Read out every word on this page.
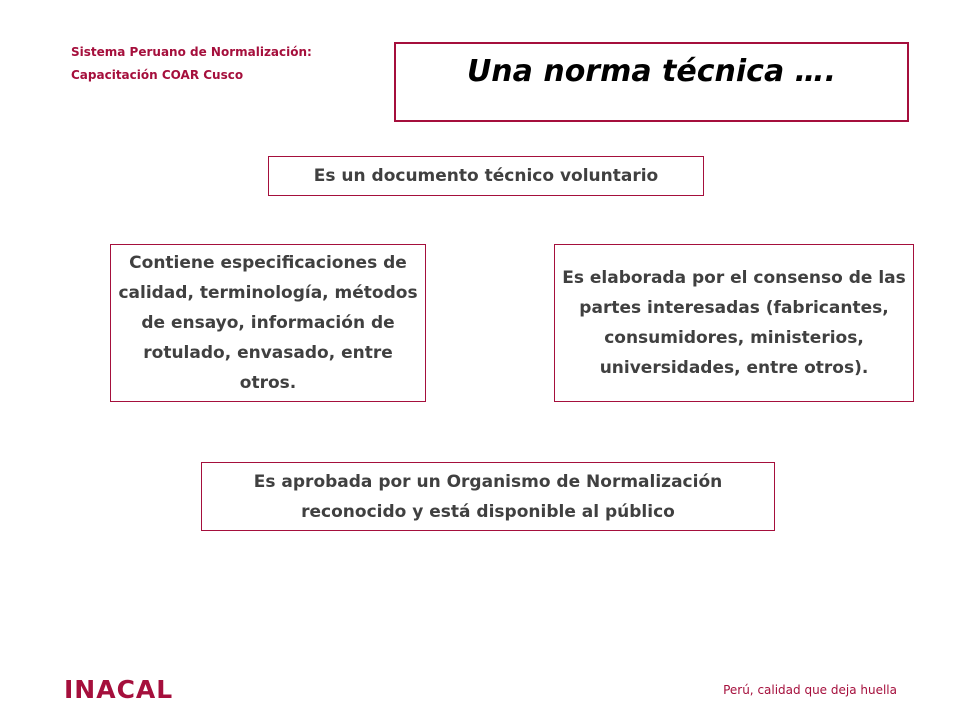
Sistema Peruano de Normalización:
Capacitación COAR Cusco	Una norma técnica ….
Es un documento técnico voluntario
Contiene especificaciones de calidad, terminología, métodos de ensayo, información de rotulado, envasado, entre otros.
Es elaborada por el consenso de las partes interesadas (fabricantes, consumidores, ministerios, universidades, entre otros).
Es aprobada por un Organismo de Normalización reconocido y está disponible al público
INACAL	Perú, calidad que deja huella
